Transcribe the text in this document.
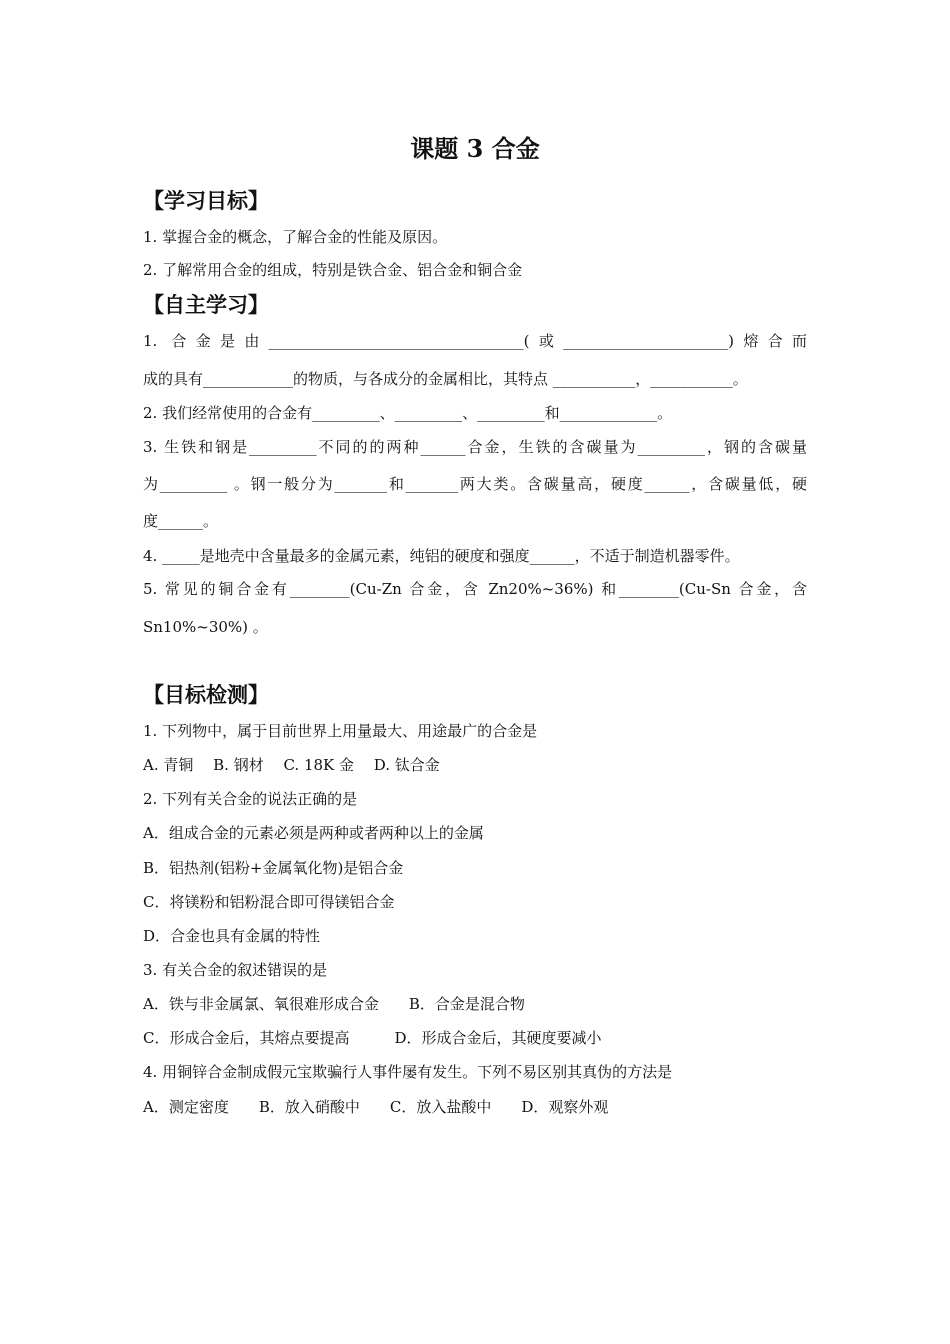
课题 3 合金
【学习目标】
1. 掌握合金的概念，了解合金的性能及原因。
2. 了解常用合金的组成，特别是铁合金、铝合金和铜合金
【自主学习】
1. 合金是由__________________________________(或______________________)熔合而
成的具有____________的物质，与各成分的金属相比，其特点 ___________，___________。
2. 我们经常使用的合金有_________、_________、_________和_____________。
3. 生铁和钢是_________不同的的两种______合金，生铁的含碳量为_________，钢的含碳量
为_________ 。钢一般分为_______和_______两大类。含碳量高，硬度______，含碳量低，硬
度______。
4. _____是地壳中含量最多的金属元素，纯铝的硬度和强度______，不适于制造机器零件。
5. 常见的铜合金有________(Cu-Zn 合金，含 Zn20%~36%) 和________(Cu-Sn 合金，含
Sn10%~30%) 。
【目标检测】
1. 下列物中，属于目前世界上用量最大、用途最广的合金是
A. 青铜　 B. 钢材　 C. 18K 金　 D. 钛合金
2. 下列有关合金的说法正确的是
A．组成合金的元素必须是两种或者两种以上的金属
B．铝热剂(铝粉+金属氧化物)是铝合金
C．将镁粉和铝粉混合即可得镁铝合金
D．合金也具有金属的特性
3. 有关合金的叙述错误的是
A．铁与非金属氯、氧很难形成合金　　B．合金是混合物
C．形成合金后，其熔点要提高　　　D．形成合金后，其硬度要减小
4. 用铜锌合金制成假元宝欺骗行人事件屡有发生。下列不易区别其真伪的方法是
A．测定密度　　B．放入硝酸中　　C．放入盐酸中　　D．观察外观
